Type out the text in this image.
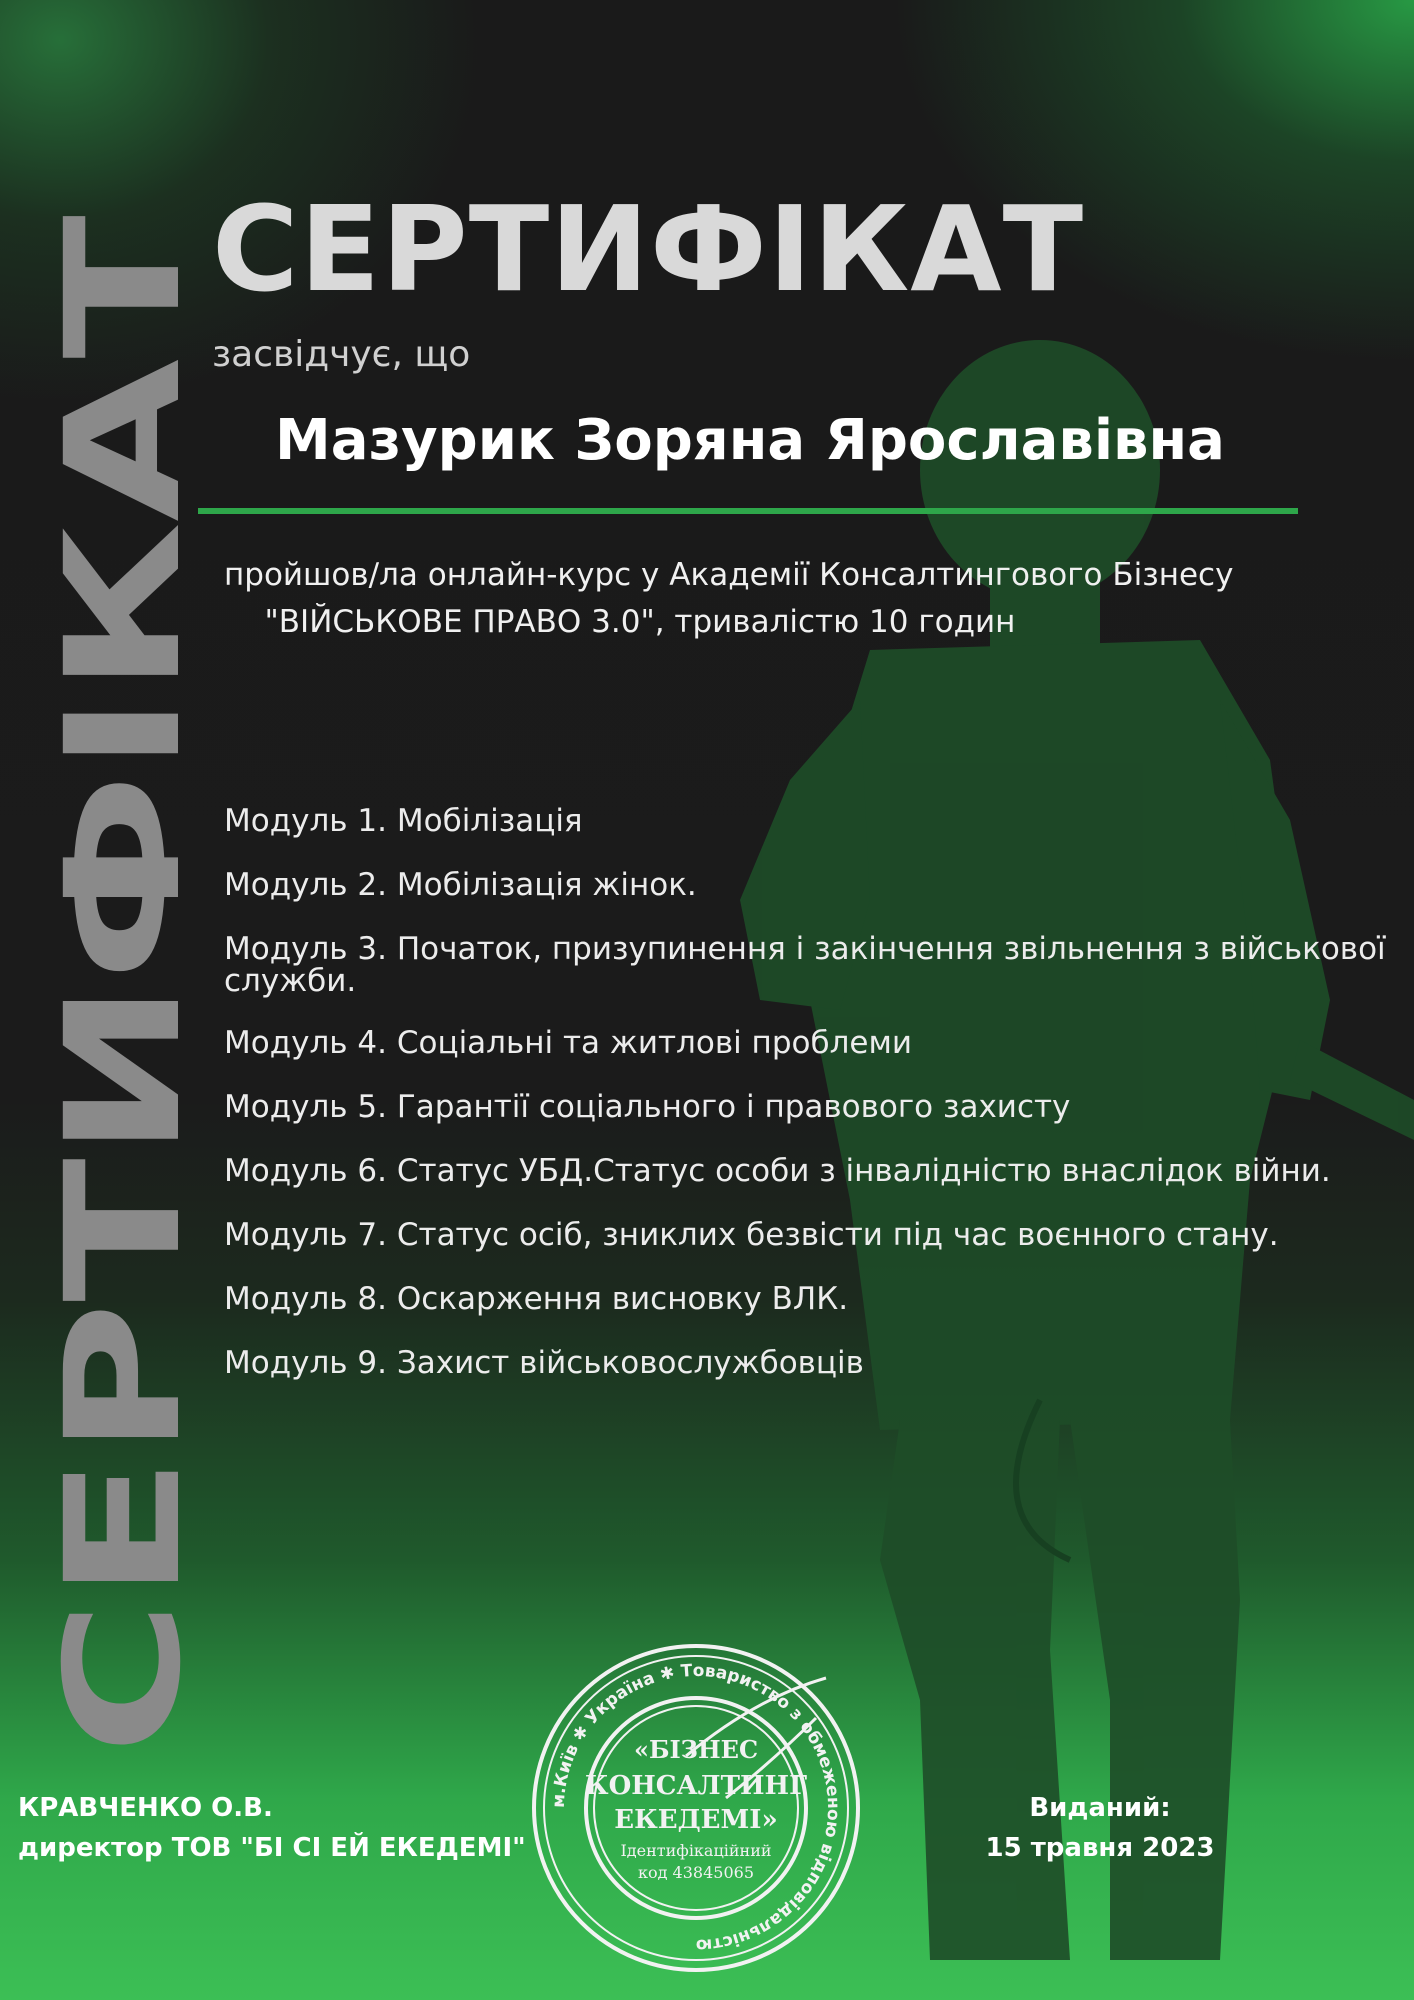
СЕРТИФІКАТ
СЕРТИФІКАТ
засвідчує, що
Мазурик Зоряна Ярославівна
пройшов/ла онлайн-курс у Академії Консалтингового Бізнесу
"ВІЙСЬКОВЕ ПРАВО 3.0", тривалістю 10 годин
Модуль 1. Мобілізація
Модуль 2. Мобілізація жінок.
Модуль 3. Початок, призупинення і закінчення звільнення з військової служби.
Модуль 4. Соціальні та житлові проблеми
Модуль 5. Гарантії соціального і правового захисту
Модуль 6. Статус УБД.Статус особи з інвалідністю внаслідок війни.
Модуль 7. Статус осіб, зниклих безвісти під час воєнного стану.
Модуль 8. Оскарження висновку ВЛК.
Модуль 9. Захист військовослужбовців
КРАВЧЕНКО О.В.
директор ТОВ "БІ СІ ЕЙ ЕКЕДЕМІ"
м.Київ ✱ Україна ✱ Товариство з обмеженою відповідальністю
«БІЗНЕС
КОНСАЛТИНГ
ЕКЕДЕМІ»
Ідентифікаційний
код 43845065
Виданий:
15 травня 2023
